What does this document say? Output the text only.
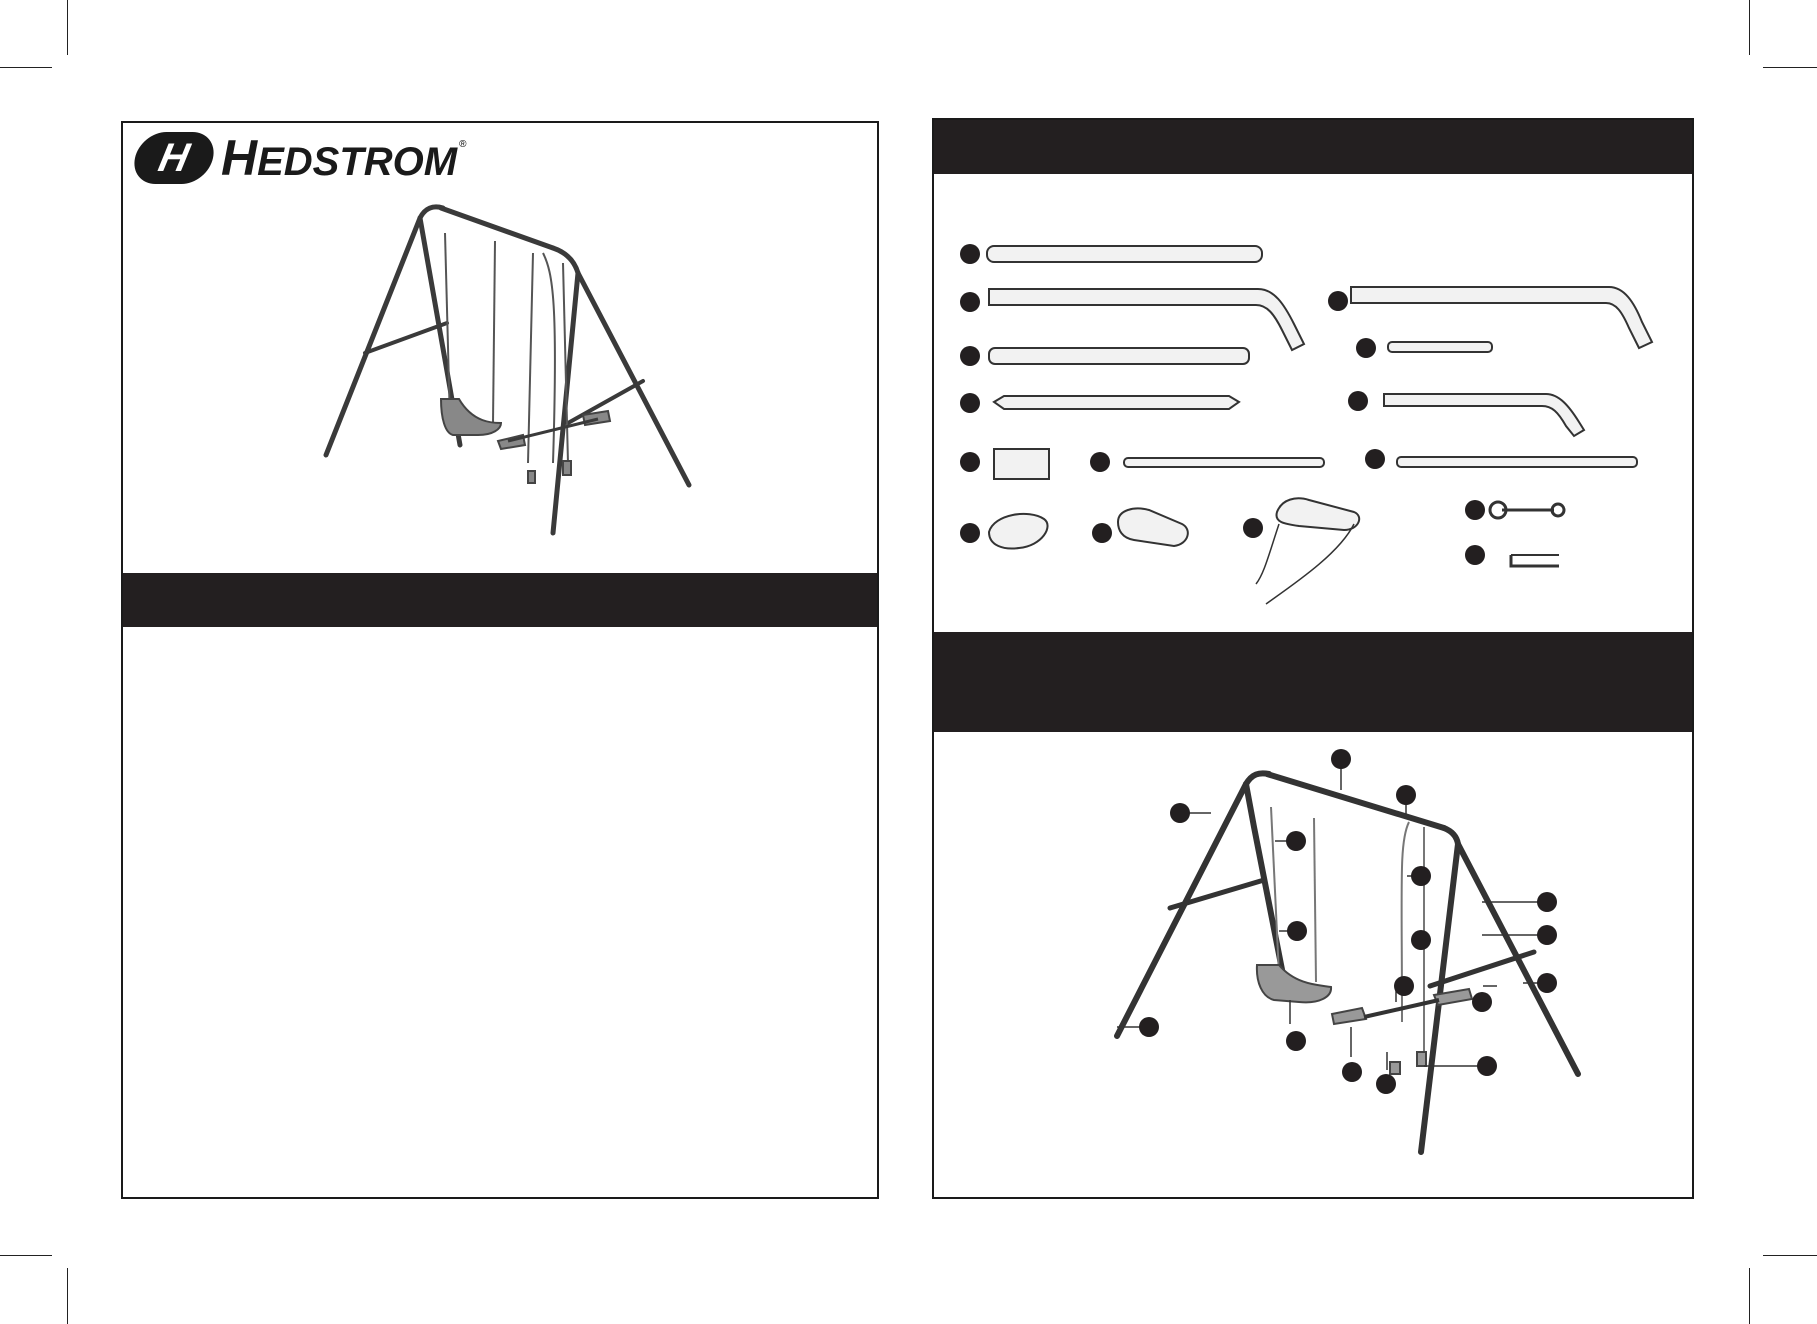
H HEDSTROM ®
